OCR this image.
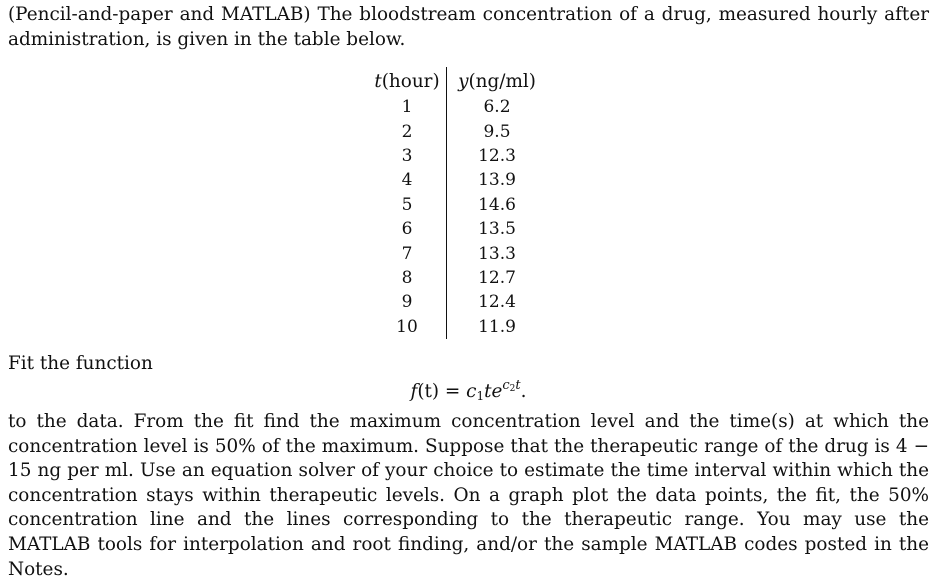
(Pencil-and-paper and MATLAB) The bloodstream concentration of a drug, measured hourly after administration, is given in the table below.

t(hour)	y(ng/ml)
1	6.2
2	9.5
3	12.3
4	13.9
5	14.6
6	13.5
7	13.3
8	12.7
9	12.4
10	11.9

Fit the function

$f(t) = c_1te^{c_2t}$.

to the data. From the fit find the maximum concentration level and the time(s) at which the concentration level is 50% of the maximum. Suppose that the therapeutic range of the drug is 4 − 15 ng per ml. Use an equation solver of your choice to estimate the time interval within which the concentration stays within therapeutic levels. On a graph plot the data points, the fit, the 50% concentration line and the lines corresponding to the therapeutic range. You may use the MATLAB tools for interpolation and root finding, and/or the sample MATLAB codes posted in the Notes.
